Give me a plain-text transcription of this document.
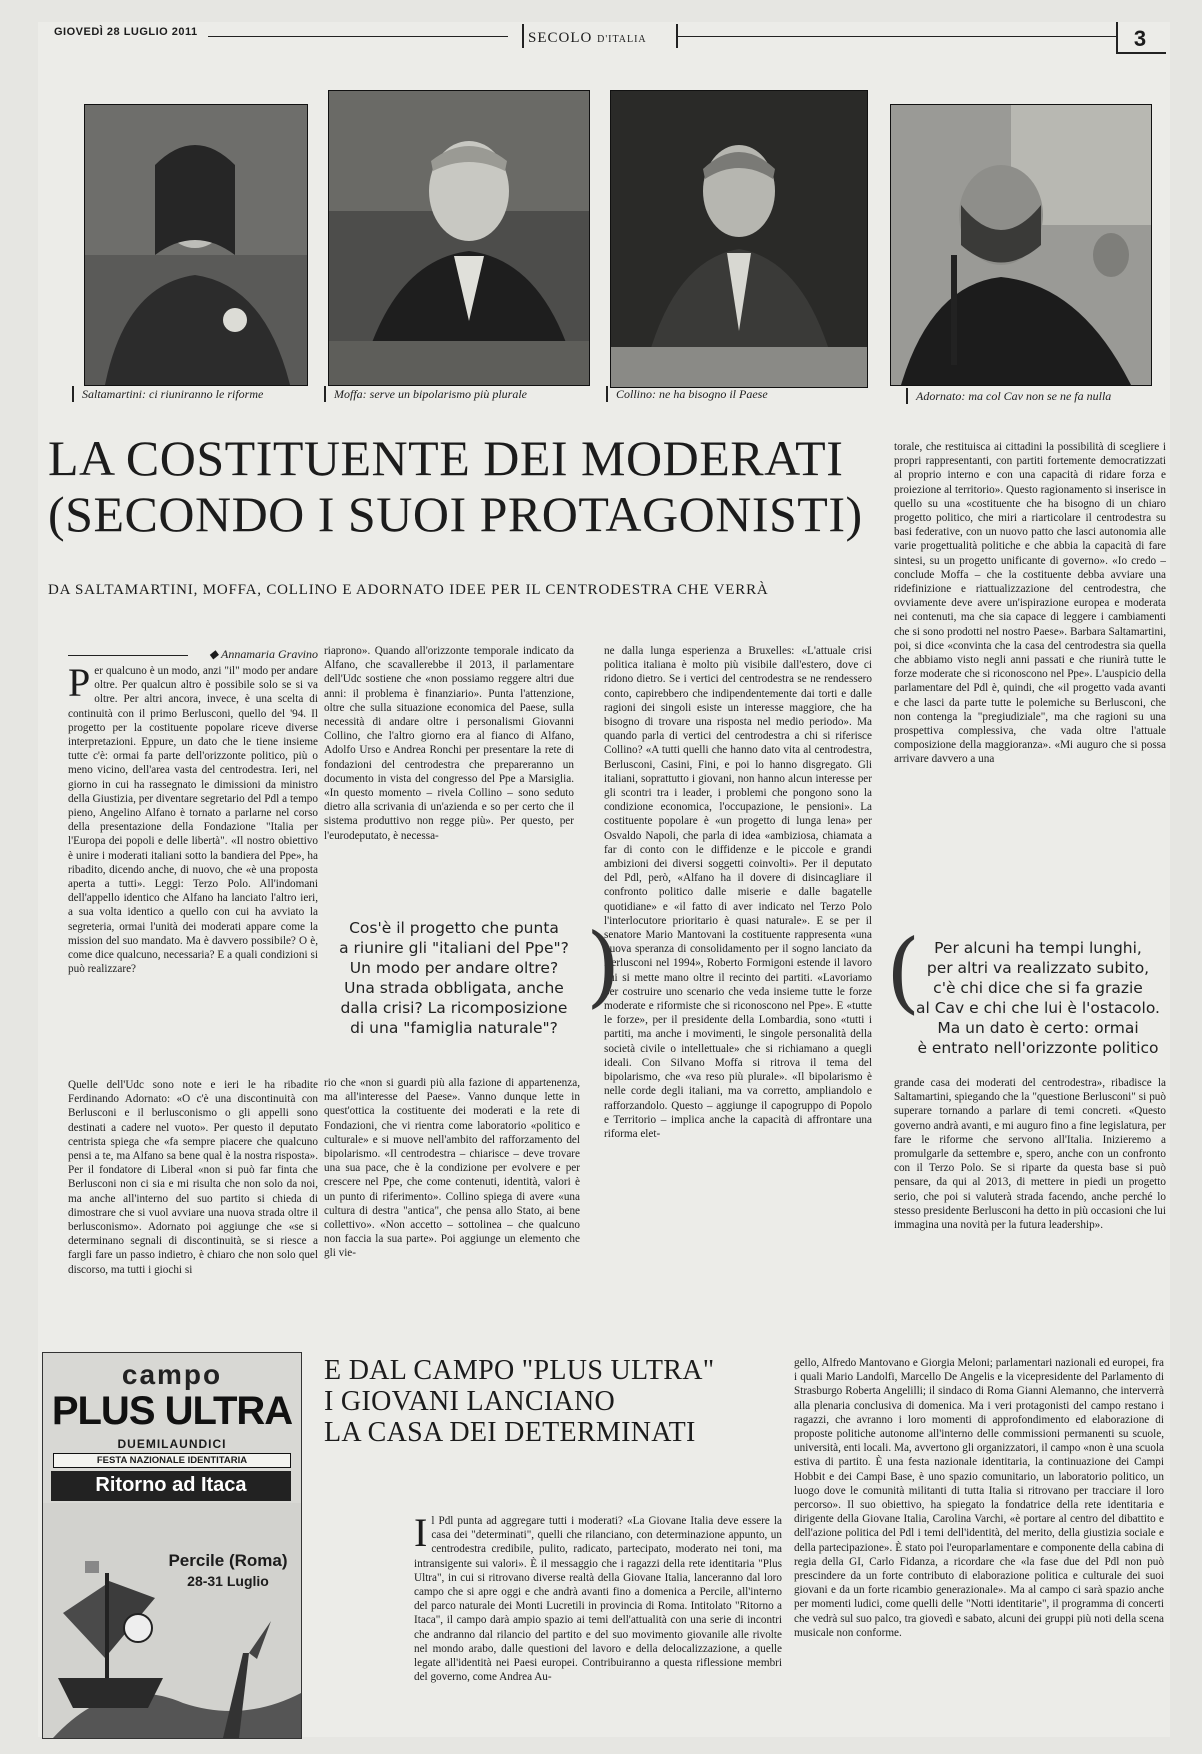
GIOVEDÌ 28 LUGLIO 2011	SECOLO D'ITALIA	3
Saltamartini: ci riuniranno le riforme	Moffa: serve un bipolarismo più plurale	Collino: ne ha bisogno il Paese	Adornato: ma col Cav non se ne fa nulla
LA COSTITUENTE DEI MODERATI
(SECONDO I SUOI PROTAGONISTI)
DA SALTAMARTINI, MOFFA, COLLINO E ADORNATO IDEE PER IL CENTRODESTRA CHE VERRÀ
◆ Annamaria Gravino
Per qualcuno è un modo, anzi "il" modo per andare oltre. Per qualcun altro è possibile solo se si va oltre. Per altri ancora, invece, è una scelta di continuità con il primo Berlusconi, quello del '94. Il progetto per la costituente popolare riceve diverse interpretazioni. Eppure, un dato che le tiene insieme tutte c'è: ormai fa parte dell'orizzonte politico, più o meno vicino, dell'area vasta del centrodestra. Ieri, nel giorno in cui ha rassegnato le dimissioni da ministro della Giustizia, per diventare segretario del Pdl a tempo pieno, Angelino Alfano è tornato a parlarne nel corso della presentazione della Fondazione "Italia per l'Europa dei popoli e delle libertà". «Il nostro obiettivo è unire i moderati italiani sotto la bandiera del Ppe», ha ribadito, dicendo anche, di nuovo, che «è una proposta aperta a tutti». Leggi: Terzo Polo. All'indomani dell'appello identico che Alfano ha lanciato l'altro ieri, a sua volta identico a quello con cui ha avviato la segreteria, ormai l'unità dei moderati appare come la mission del suo mandato. Ma è davvero possibile? O è, come dice qualcuno, necessaria? E a quali condizioni si può realizzare?
riaprono». Quando all'orizzonte temporale indicato da Alfano, che scavallerebbe il 2013, il parlamentare dell'Udc sostiene che «non possiamo reggere altri due anni: il problema è finanziario». Punta l'attenzione, oltre che sulla situazione economica del Paese, sulla necessità di andare oltre i personalismi Giovanni Collino, che l'altro giorno era al fianco di Alfano, Adolfo Urso e Andrea Ronchi per presentare la rete di fondazioni del centrodestra che prepareranno un documento in vista del congresso del Ppe a Marsiglia. «In questo momento – rivela Collino – sono seduto dietro alla scrivania di un'azienda e so per certo che il sistema produttivo non regge più». Per questo, per l'eurodeputato, è necessa-
ne dalla lunga esperienza a Bruxelles: «L'attuale crisi politica italiana è molto più visibile dall'estero, dove ci ridono dietro. Se i vertici del centrodestra se ne rendessero conto, capirebbero che indipendentemente dai torti e dalle ragioni dei singoli esiste un interesse maggiore, che ha bisogno di trovare una risposta nel medio periodo». Ma quando parla di vertici del centrodestra a chi si riferisce Collino? «A tutti quelli che hanno dato vita al centrodestra, Berlusconi, Casini, Fini, e poi lo hanno disgregato. Gli italiani, soprattutto i giovani, non hanno alcun interesse per gli scontri tra i leader, i problemi che pongono sono la condizione economica, l'occupazione, le pensioni». La costituente popolare è «un progetto di lunga lena» per Osvaldo Napoli, che parla di idea «ambiziosa, chiamata a far di conto con le diffidenze e le piccole e grandi ambizioni dei diversi soggetti coinvolti». Per il deputato del Pdl, però, «Alfano ha il dovere di disincagliare il confronto politico dalle miserie e dalle bagatelle quotidiane» e «il fatto di aver indicato nel Terzo Polo l'interlocutore prioritario è quasi naturale». E se per il senatore Mario Mantovani la costituente rappresenta «una nuova speranza di consolidamento per il sogno lanciato da Berlusconi nel 1994», Roberto Formigoni estende il lavoro cui si mette mano oltre il recinto dei partiti. «Lavoriamo per costruire uno scenario che veda insieme tutte le forze moderate e riformiste che si riconoscono nel Ppe». E «tutte le forze», per il presidente della Lombardia, sono «tutti i partiti, ma anche i movimenti, le singole personalità della società civile o intellettuale» che si richiamano a quegli ideali. Con Silvano Moffa si ritrova il tema del bipolarismo, che «va reso più plurale». «Il bipolarismo è nelle corde degli italiani, ma va corretto, ampliandolo e rafforzandolo. Questo – aggiunge il capogruppo di Popolo e Territorio – implica anche la capacità di affrontare una riforma elet-
torale, che restituisca ai cittadini la possibilità di scegliere i propri rappresentanti, con partiti fortemente democratizzati al proprio interno e con una capacità di ridare forza e proiezione al territorio». Questo ragionamento si inserisce in quello su una «costituente che ha bisogno di un chiaro progetto politico, che miri a riarticolare il centrodestra su basi federative, con un nuovo patto che lasci autonomia alle varie progettualità politiche e che abbia la capacità di fare sintesi, su un progetto unificante di governo». «Io credo – conclude Moffa – che la costituente debba avviare una ridefinizione e riattualizzazione del centrodestra, che ovviamente deve avere un'ispirazione europea e moderata nei contenuti, ma che sia capace di leggere i cambiamenti che si sono prodotti nel nostro Paese». Barbara Saltamartini, poi, si dice «convinta che la casa del centrodestra sia quella che abbiamo visto negli anni passati e che riunirà tutte le forze moderate che si riconoscono nel Ppe». L'auspicio della parlamentare del Pdl è, quindi, che «il progetto vada avanti e che lasci da parte tutte le polemiche su Berlusconi, che non contenga la "pregiudiziale", ma che ragioni su una prospettiva complessiva, che vada oltre l'attuale composizione della maggioranza». «Mi auguro che si possa arrivare davvero a una
Cos'è il progetto che punta
a riunire gli "italiani del Ppe"?
Un modo per andare oltre?
Una strada obbligata, anche
dalla crisi? La ricomposizione
di una "famiglia naturale"?
)	( Per alcuni ha tempi lunghi,
per altri va realizzato subito,
c'è chi dice che si fa grazie
al Cav e chi che lui è l'ostacolo.
Ma un dato è certo: ormai
è entrato nell'orizzonte politico
Quelle dell'Udc sono note e ieri le ha ribadite Ferdinando Adornato: «O c'è una discontinuità con Berlusconi e il berlusconismo o gli appelli sono destinati a cadere nel vuoto». Per questo il deputato centrista spiega che «fa sempre piacere che qualcuno pensi a te, ma Alfano sa bene qual è la nostra risposta». Per il fondatore di Liberal «non si può far finta che Berlusconi non ci sia e mi risulta che non solo da noi, ma anche all'interno del suo partito si chieda di dimostrare che si vuol avviare una nuova strada oltre il berlusconismo». Adornato poi aggiunge che «se si determinano segnali di discontinuità, se si riesce a fargli fare un passo indietro, è chiaro che non solo quel discorso, ma tutti i giochi si
rio che «non si guardi più alla fazione di appartenenza, ma all'interesse del Paese». Vanno dunque lette in quest'ottica la costituente dei moderati e la rete di Fondazioni, che vi rientra come laboratorio «politico e culturale» e si muove nell'ambito del rafforzamento del bipolarismo. «Il centrodestra – chiarisce – deve trovare una sua pace, che è la condizione per evolvere e per crescere nel Ppe, che come contenuti, identità, valori è un punto di riferimento». Collino spiega di avere «una cultura di destra "antica", che pensa allo Stato, ai bene collettivo». «Non accetto – sottolinea – che qualcuno non faccia la sua parte». Poi aggiunge un elemento che gli vie-
grande casa dei moderati del centrodestra», ribadisce la Saltamartini, spiegando che la "questione Berlusconi" si può superare tornando a parlare di temi concreti. «Questo governo andrà avanti, e mi auguro fino a fine legislatura, per fare le riforme che servono all'Italia. Inizieremo a promulgarle da settembre e, spero, anche con un confronto con il Terzo Polo. Se si riparte da questa base si può pensare, da qui al 2013, di mettere in piedi un progetto serio, che poi si valuterà strada facendo, anche perché lo stesso presidente Berlusconi ha detto in più occasioni che lui immagina una novità per la futura leadership».
campo
PLUS ULTRA
DUEMILAUNDICI
FESTA NAZIONALE IDENTITARIA
Ritorno ad Itaca
Percile (Roma)
28-31 Luglio
E DAL CAMPO "PLUS ULTRA"
I GIOVANI LANCIANO
LA CASA DEI DETERMINATI
Il Pdl punta ad aggregare tutti i moderati? «La Giovane Italia deve essere la casa dei "determinati", quelli che rilanciano, con determinazione appunto, un centrodestra credibile, pulito, radicato, partecipato, moderato nei toni, ma intransigente sui valori». È il messaggio che i ragazzi della rete identitaria "Plus Ultra", in cui si ritrovano diverse realtà della Giovane Italia, lanceranno dal loro campo che si apre oggi e che andrà avanti fino a domenica a Percile, all'interno del parco naturale dei Monti Lucretili in provincia di Roma. Intitolato "Ritorno a Itaca", il campo darà ampio spazio ai temi dell'attualità con una serie di incontri che andranno dal rilancio del partito e del suo movimento giovanile alle rivolte nel mondo arabo, dalle questioni del lavoro e della delocalizzazione, a quelle legate all'identità nei Paesi europei. Contribuiranno a questa riflessione membri del governo, come Andrea Au-
gello, Alfredo Mantovano e Giorgia Meloni; parlamentari nazionali ed europei, fra i quali Mario Landolfi, Marcello De Angelis e la vicepresidente del Parlamento di Strasburgo Roberta Angelilli; il sindaco di Roma Gianni Alemanno, che interverrà alla plenaria conclusiva di domenica. Ma i veri protagonisti del campo restano i ragazzi, che avranno i loro momenti di approfondimento ed elaborazione di proposte politiche autonome all'interno delle commissioni permanenti su scuole, università, enti locali. Ma, avvertono gli organizzatori, il campo «non è una scuola estiva di partito. È una festa nazionale identitaria, la continuazione dei Campi Hobbit e dei Campi Base, è uno spazio comunitario, un laboratorio politico, un luogo dove le comunità militanti di tutta Italia si ritrovano per tracciare il loro percorso». Il suo obiettivo, ha spiegato la fondatrice della rete identitaria e dirigente della Giovane Italia, Carolina Varchi, «è portare al centro del dibattito e dell'azione politica del Pdl i temi dell'identità, del merito, della giustizia sociale e della partecipazione». È stato poi l'europarlamentare e componente della cabina di regia della GI, Carlo Fidanza, a ricordare che «la fase due del Pdl non può prescindere da un forte contributo di elaborazione politica e culturale dei suoi giovani e da un forte ricambio generazionale». Ma al campo ci sarà spazio anche per momenti ludici, come quelli delle "Notti identitarie", il programma di concerti che vedrà sul suo palco, tra giovedì e sabato, alcuni dei gruppi più noti della scena musicale non conforme.
